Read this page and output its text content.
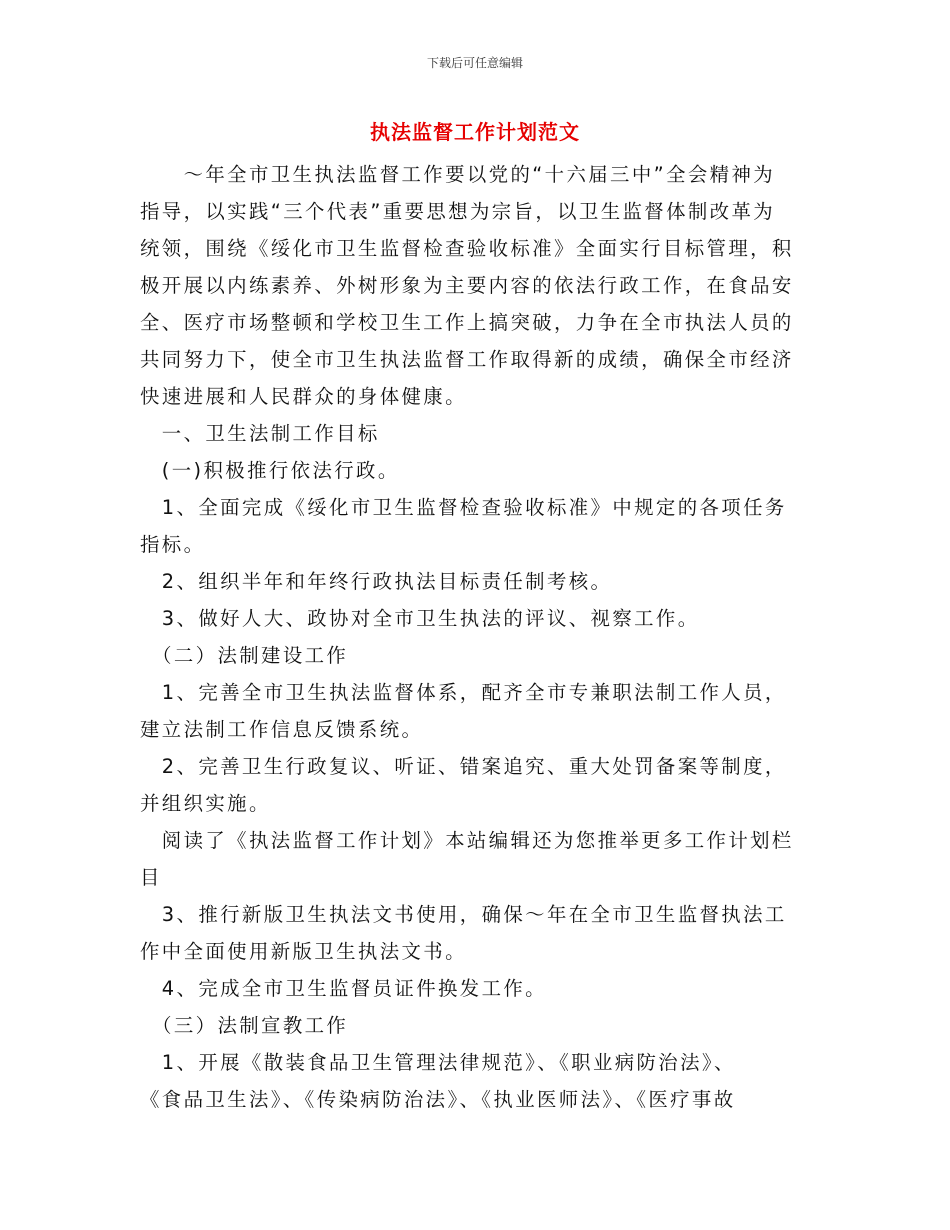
下载后可任意编辑
执法监督工作计划范文
　　～年全市卫生执法监督工作要以党的“十六届三中”全会精神为
指导，以实践“三个代表”重要思想为宗旨，以卫生监督体制改革为
统领，围绕《绥化市卫生监督检查验收标准》全面实行目标管理，积
极开展以内练素养、外树形象为主要内容的依法行政工作，在食品安
全、医疗市场整顿和学校卫生工作上搞突破，力争在全市执法人员的
共同努力下，使全市卫生执法监督工作取得新的成绩，确保全市经济
快速进展和人民群众的身体健康。
　一、卫生法制工作目标
　(一)积极推行依法行政。
　1、全面完成《绥化市卫生监督检查验收标准》中规定的各项任务
指标。
　2、组织半年和年终行政执法目标责任制考核。
　3、做好人大、政协对全市卫生执法的评议、视察工作。
　（二）法制建设工作
　1、完善全市卫生执法监督体系，配齐全市专兼职法制工作人员，
建立法制工作信息反馈系统。
　2、完善卫生行政复议、听证、错案追究、重大处罚备案等制度，
并组织实施。
　阅读了《执法监督工作计划》本站编辑还为您推举更多工作计划栏
目
　3、推行新版卫生执法文书使用，确保～年在全市卫生监督执法工
作中全面使用新版卫生执法文书。
　4、完成全市卫生监督员证件换发工作。
　（三）法制宣教工作
　1、开展《散装食品卫生管理法律规范》、《职业病防治法》、
《食品卫生法》、《传染病防治法》、《执业医师法》、《医疗事故
